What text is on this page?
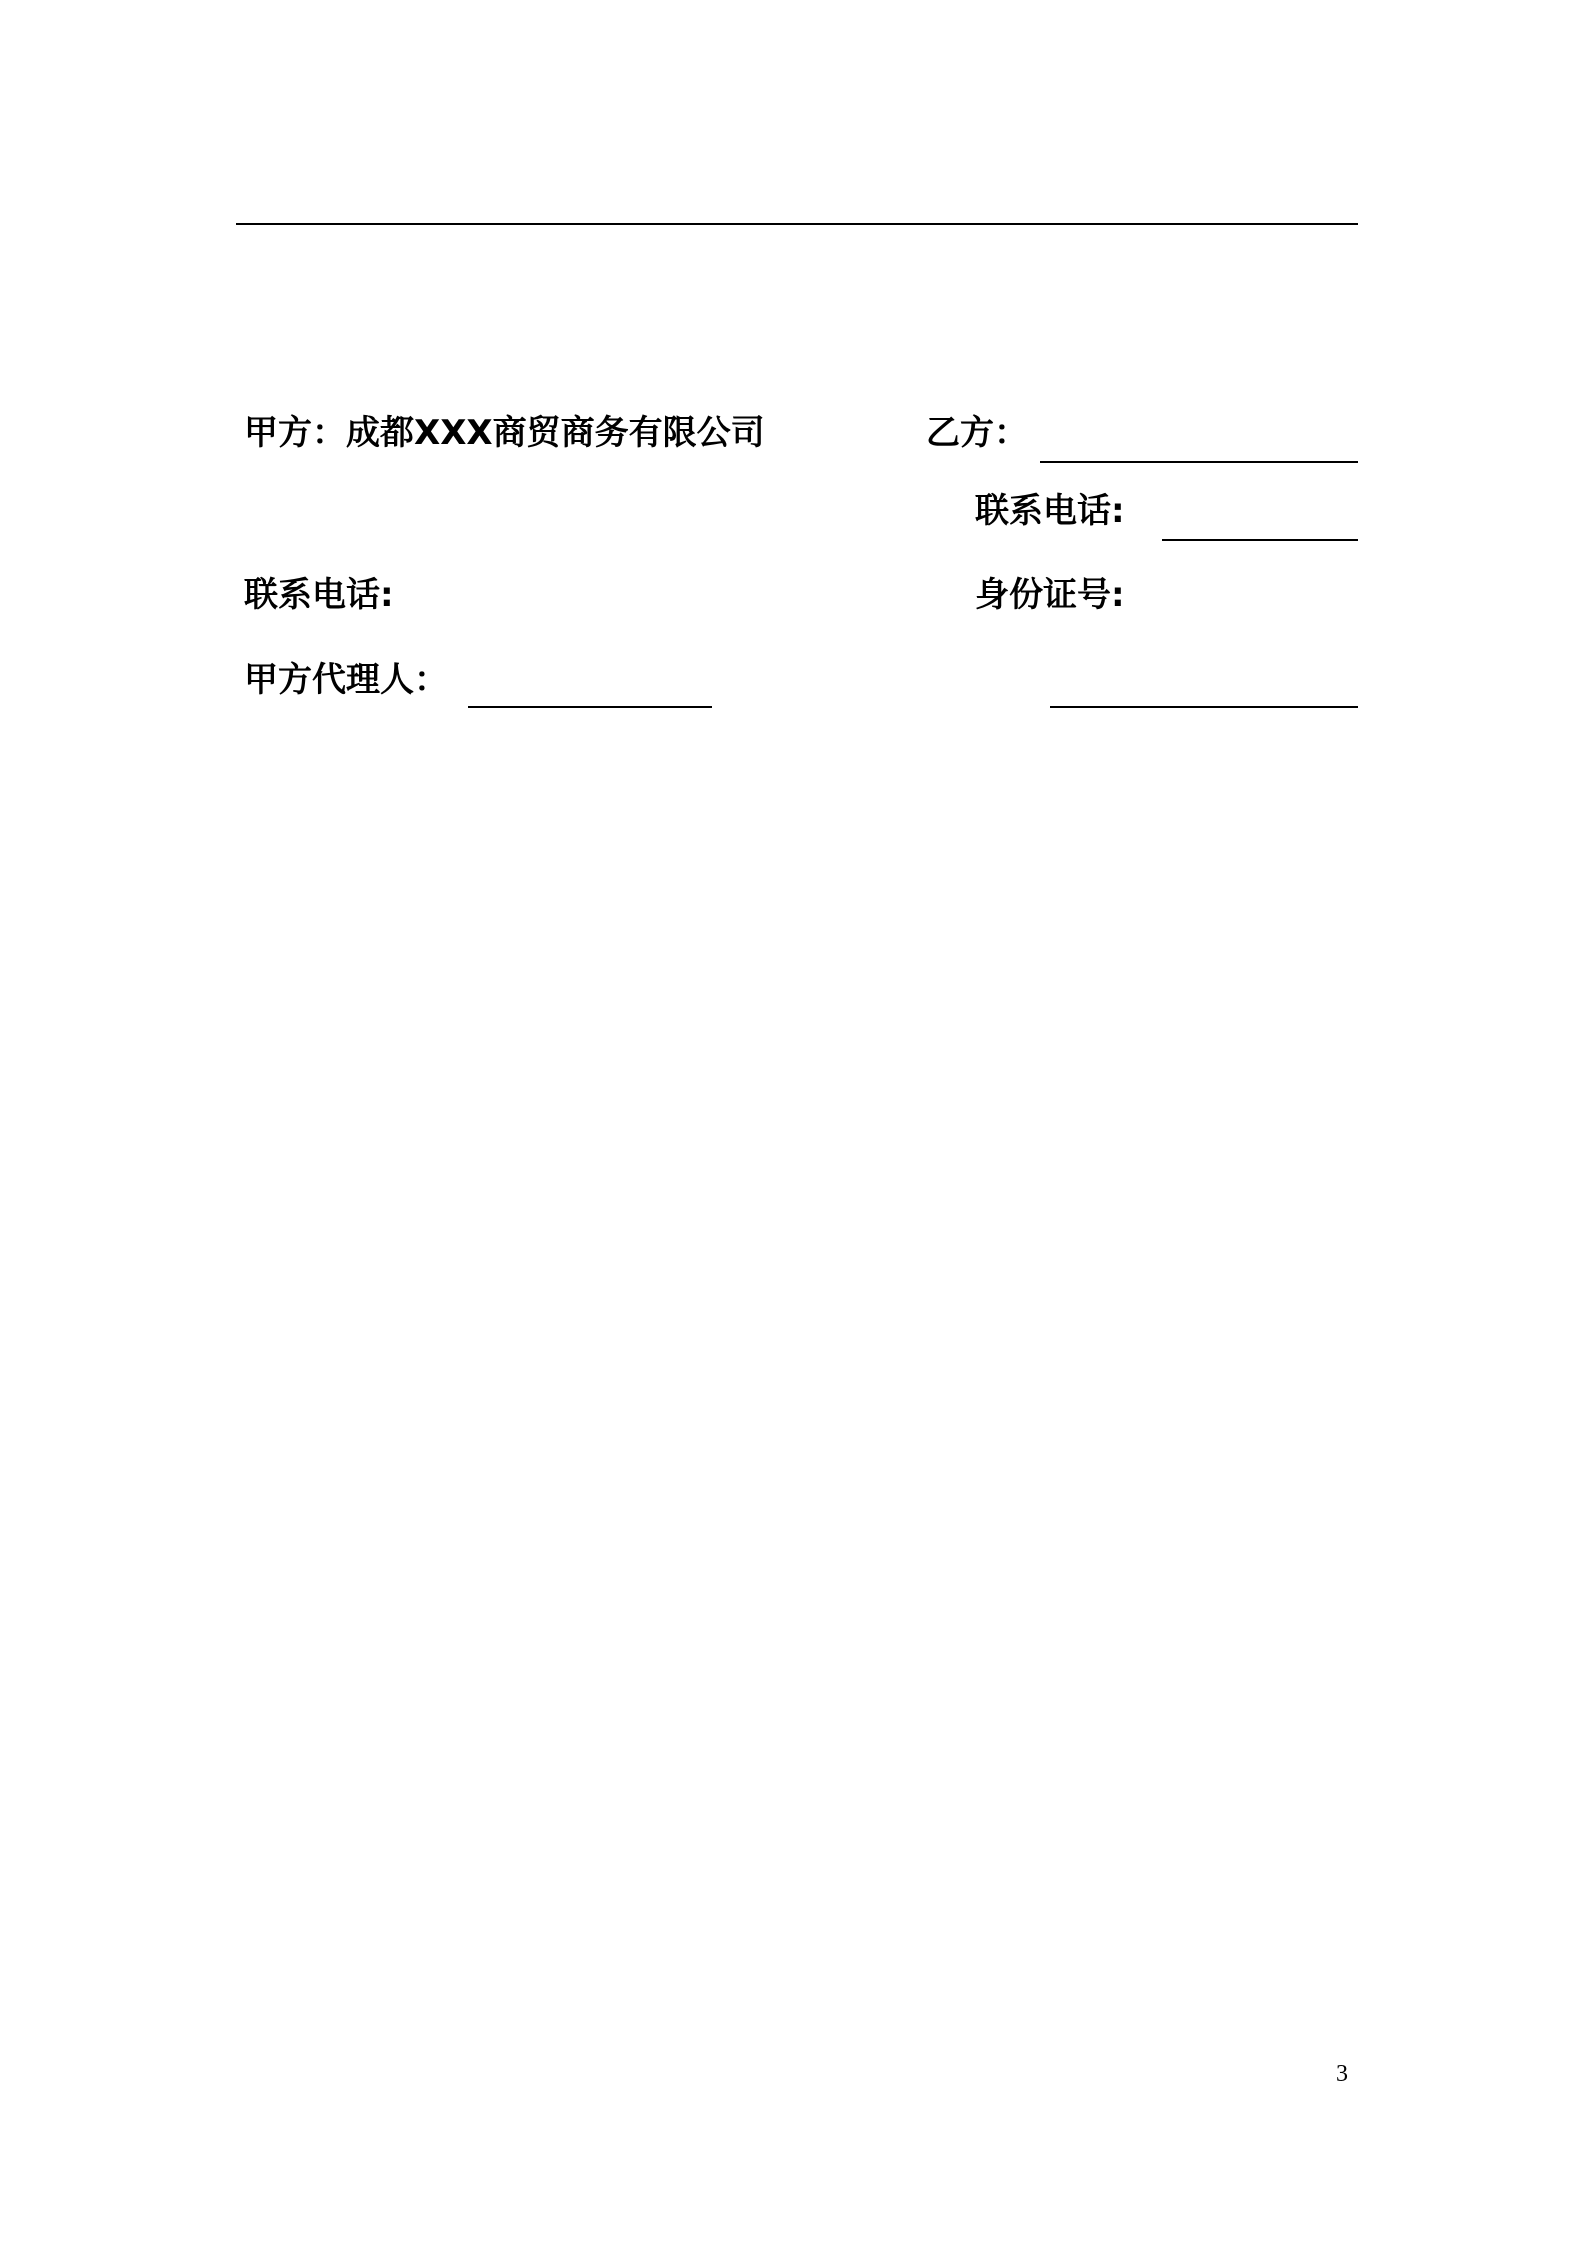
甲方：成都XXX商贸商务有限公司	乙方：
联系电话:
联系电话:	身份证号:
甲方代理人：
3
